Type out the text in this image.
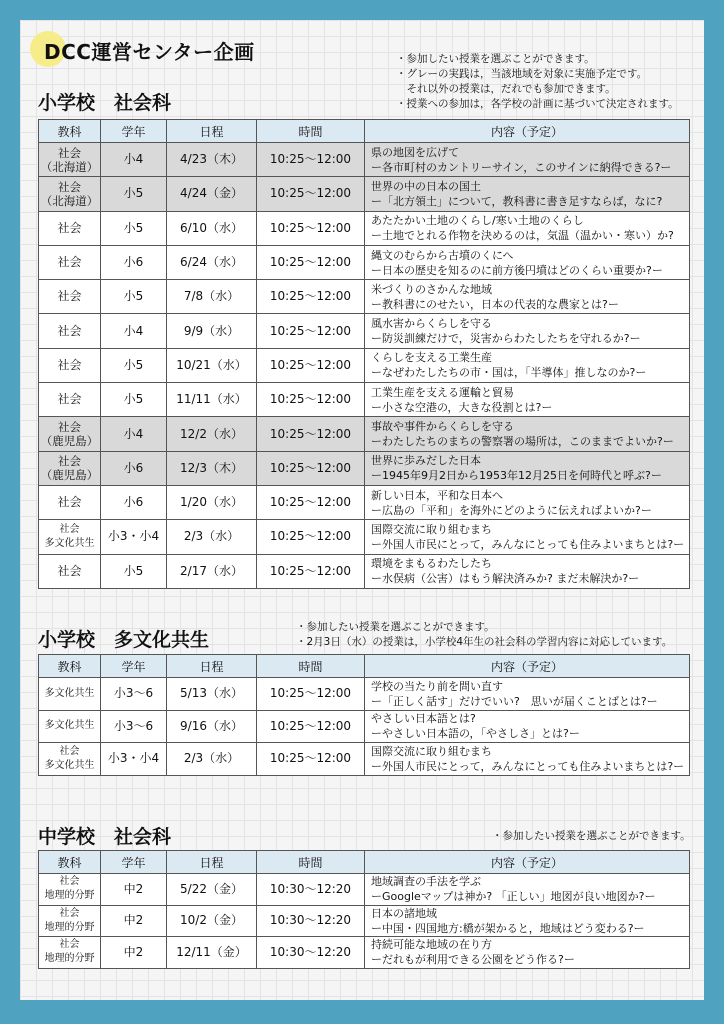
DCC運営センター企画
小学校　社会科
・参加したい授業を選ぶことができます。
・グレーの実践は，当該地域を対象に実施予定です。
　それ以外の授業は，だれでも参加できます。
・授業への参加は，各学校の計画に基づいて決定されます。
教科	学年	日程	時間	内容（予定）
社会
（北海道）	小4	4/23（木）	10:25～12:00	県の地図を広げて
ー各市町村のカントリーサイン，このサインに納得できる?ー
社会
（北海道）	小5	4/24（金）	10:25～12:00	世界の中の日本の国土
ー「北方領土」について，教科書に書き足すならば，なに?
社会	小5	6/10（水）	10:25～12:00	あたたかい土地のくらし/寒い土地のくらし
ー土地でとれる作物を決めるのは，気温（温かい・寒い）か?
社会	小6	6/24（水）	10:25～12:00	縄文のむらから古墳のくにへ
ー日本の歴史を知るのに前方後円墳はどのくらい重要か?ー
社会	小5	7/8（水）	10:25～12:00	米づくりのさかんな地域
ー教科書にのせたい，日本の代表的な農家とは?ー
社会	小4	9/9（水）	10:25～12:00	風水害からくらしを守る
ー防災訓練だけで，災害からわたしたちを守れるか?ー
社会	小5	10/21（水）	10:25～12:00	くらしを支える工業生産
ーなぜわたしたちの市・国は，「半導体」推しなのか?ー
社会	小5	11/11（水）	10:25～12:00	工業生産を支える運輸と貿易
ー小さな空港の，大きな役割とは?ー
社会
（鹿児島）	小4	12/2（水）	10:25～12:00	事故や事件からくらしを守る
ーわたしたちのまちの警察署の場所は，このままでよいか?ー
社会
（鹿児島）	小6	12/3（木）	10:25～12:00	世界に歩みだした日本
ー1945年9月2日から1953年12月25日を何時代と呼ぶ?ー
社会	小6	1/20（水）	10:25～12:00	新しい日本，平和な日本へ
ー広島の「平和」を海外にどのように伝えればよいか?ー
社会
多文化共生	小3・小4	2/3（水）	10:25～12:00	国際交流に取り組むまち
ー外国人市民にとって，みんなにとっても住みよいまちとは?ー
社会	小5	2/17（水）	10:25～12:00	環境をまもるわたしたち
ー水俣病（公害）はもう解決済みか? まだ未解決か?ー
小学校　多文化共生
・参加したい授業を選ぶことができます。
・2月3日（水）の授業は，小学校4年生の社会科の学習内容に対応しています。
教科	学年	日程	時間	内容（予定）
多文化共生	小3～6	5/13（水）	10:25～12:00	学校の当たり前を問い直す
ー「正しく話す」だけでいい?　思いが届くことばとは?ー
多文化共生	小3～6	9/16（水）	10:25～12:00	やさしい日本語とは?
ーやさしい日本語の，「やさしさ」とは?ー
社会
多文化共生	小3・小4	2/3（水）	10:25～12:00	国際交流に取り組むまち
ー外国人市民にとって，みんなにとっても住みよいまちとは?ー
中学校　社会科	・参加したい授業を選ぶことができます。
教科	学年	日程	時間	内容（予定）
社会
地理的分野	中2	5/22（金）	10:30～12:20	地域調査の手法を学ぶ
ーGoogleマップは神か? 「正しい」地図が良い地図か?ー
社会
地理的分野	中2	10/2（金）	10:30～12:20	日本の諸地域
ー中国・四国地方:橋が架かると，地域はどう変わる?ー
社会
地理的分野	中2	12/11（金）	10:30～12:20	持続可能な地域の在り方
ーだれもが利用できる公園をどう作る?ー
